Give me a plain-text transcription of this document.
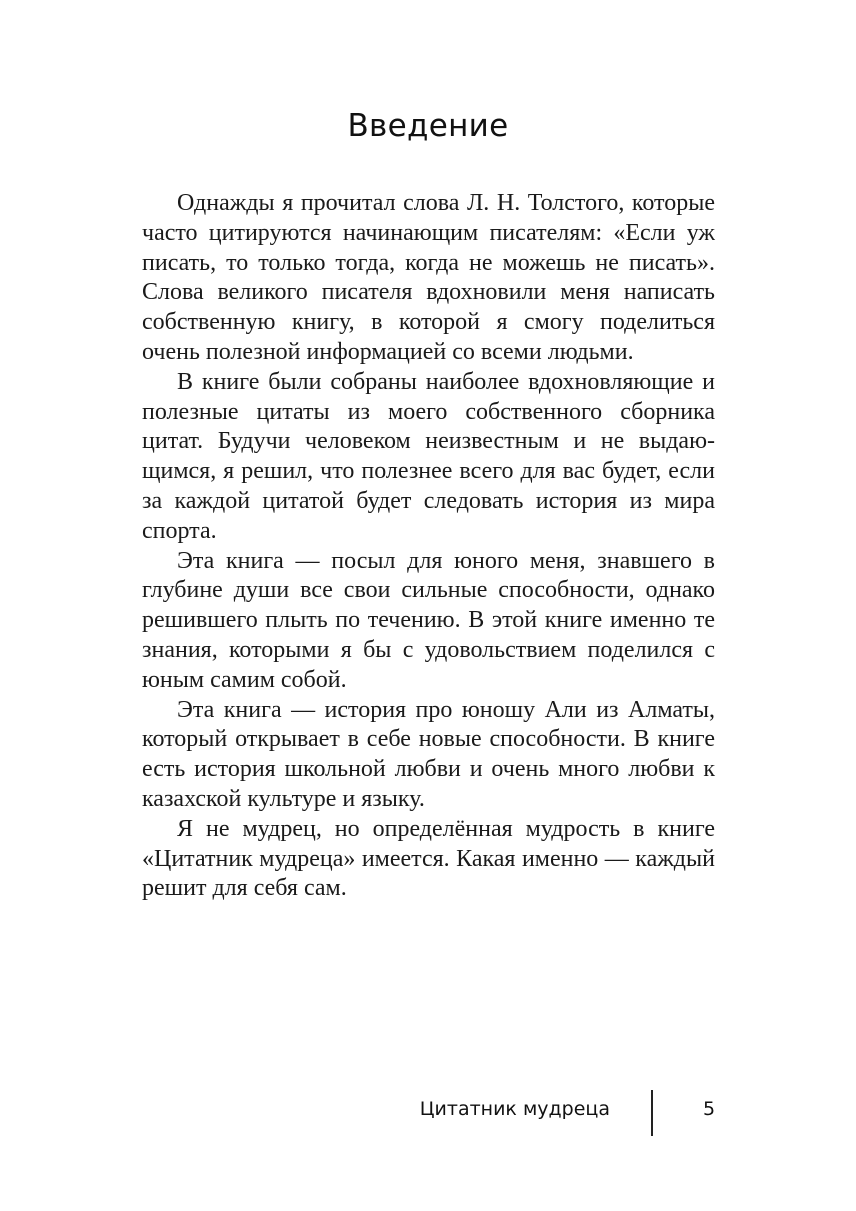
Введение

Однажды я прочитал слова Л. Н. Толстого, которые часто цитируются начинающим писателям: «Если уж писать, то только тогда, когда не можешь не писать». Слова великого писателя вдохновили меня написать собственную книгу, в которой я смогу поделиться очень полезной информацией со всеми людьми.

В книге были собраны наиболее вдохновляющие и полезные цитаты из моего собственного сборника цитат. Будучи человеком неизвестным и не выдающимся, я решил, что полезнее всего для вас будет, если за каждой цитатой будет следовать история из мира спорта.

Эта книга — посыл для юного меня, знавшего в глубине души все свои сильные способности, однако решившего плыть по течению. В этой книге именно те знания, которыми я бы с удовольствием поделился с юным самим собой.

Эта книга — история про юношу Али из Алматы, который открывает в себе новые способности. В книге есть история школьной любви и очень много любви к казахской культуре и языку.

Я не мудрец, но определённая мудрость в книге «Цитатник мудреца» имеется. Какая именно — каждый решит для себя сам.

Цитатник мудреца	5
